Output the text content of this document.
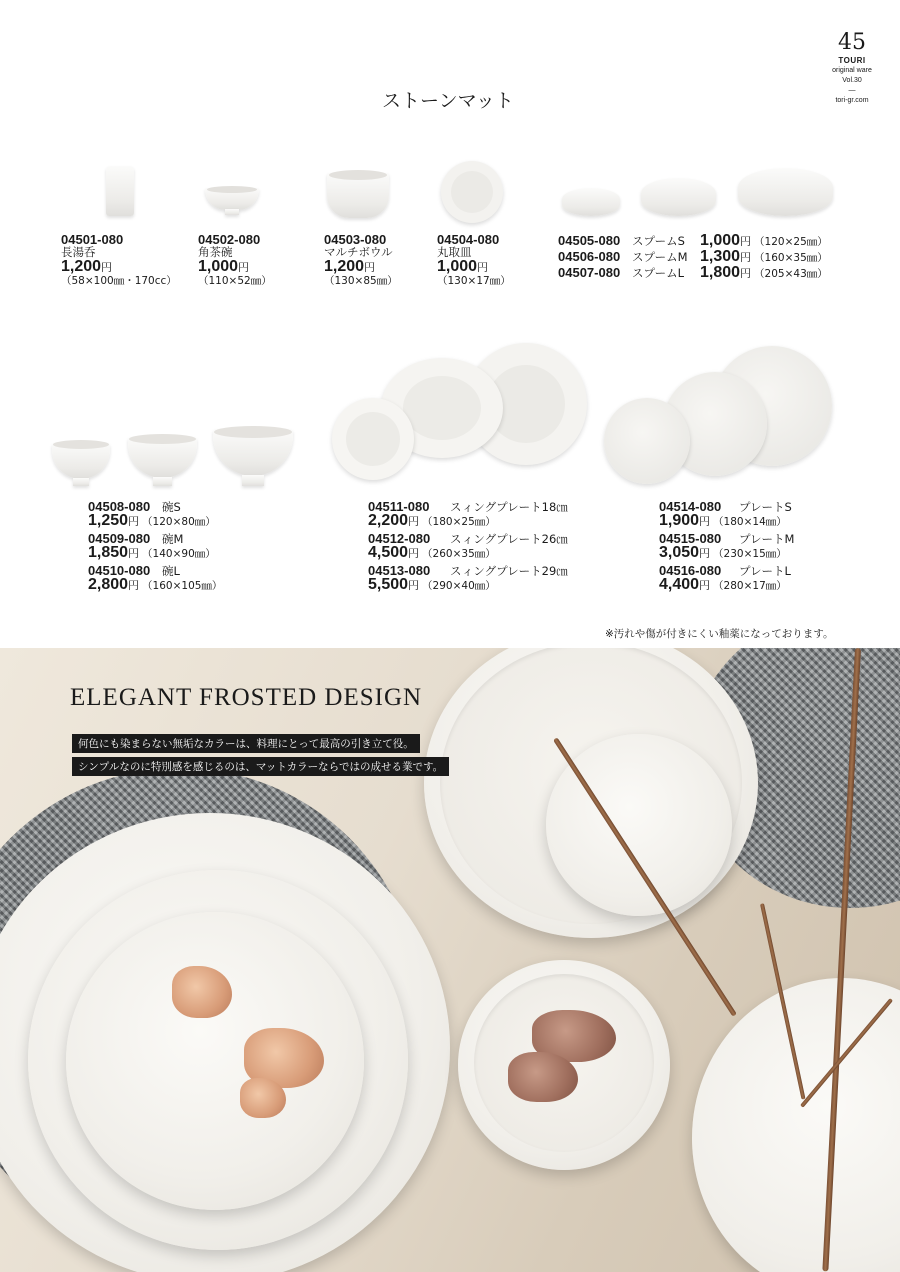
45
TOURI
original ware
Vol.30
—
tori-gr.com
ストーンマット
04501-080
長湯呑
1,200円
（58×100㎜・170cc）
04502-080
角茶碗
1,000円
（110×52㎜）
04503-080
マルチボウル
1,200円
（130×85㎜）
04504-080
丸取皿
1,000円
（130×17㎜）
04505-080	スプームS 1,000 円 （120×25㎜）
04506-080	スプームM 1,300 円 （160×35㎜）
04507-080	スプームL 1,800 円 （205×43㎜）
04508-080	碗S
1,250 円 （120×80㎜）
04509-080	碗M
1,850 円 （140×90㎜）
04510-080	碗L
2,800 円 （160×105㎜）
04511-080	スィングプレート18㎝
2,200 円 （180×25㎜）
04512-080	スィングプレート26㎝
4,500 円 （260×35㎜）
04513-080	スィングプレート29㎝
5,500 円 （290×40㎜）
04514-080	プレートS
1,900 円 （180×14㎜）
04515-080	プレートM
3,050 円 （230×15㎜）
04516-080	プレートL
4,400 円 （280×17㎜）
※汚れや傷が付きにくい釉薬になっております。
ELEGANT FROSTED DESIGN
何色にも染まらない無垢なカラーは、料理にとって最高の引き立て役。
シンプルなのに特別感を感じるのは、マットカラーならではの成せる業です。
